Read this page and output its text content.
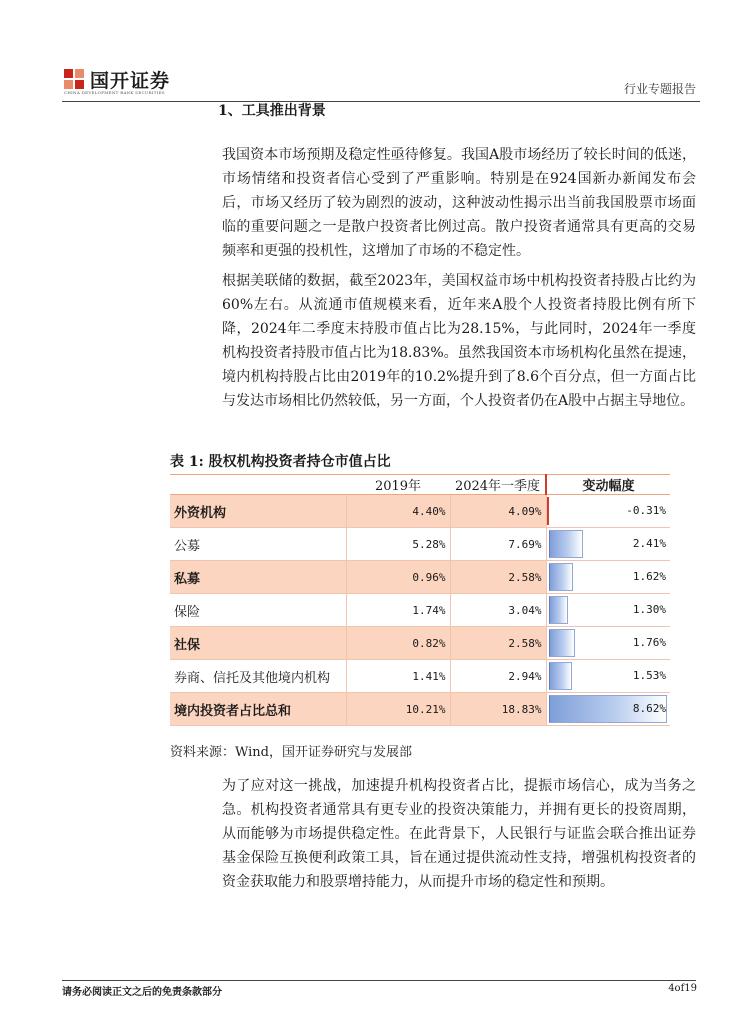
国开证券
CHINA DEVELOPMENT BANK SECURITIES	行业专题报告
1、工具推出背景
我国资本市场预期及稳定性亟待修复。我国A股市场经历了较长时间的低迷，市场情绪和投资者信心受到了严重影响。特别是在924国新办新闻发布会后，市场又经历了较为剧烈的波动，这种波动性揭示出当前我国股票市场面临的重要问题之一是散户投资者比例过高。散户投资者通常具有更高的交易频率和更强的投机性，这增加了市场的不稳定性。
根据美联储的数据，截至2023年，美国权益市场中机构投资者持股占比约为60%左右。从流通市值规模来看，近年来A股个人投资者持股比例有所下降，2024年二季度末持股市值占比为28.15%，与此同时，2024年一季度机构投资者持股市值占比为18.83%。虽然我国资本市场机构化虽然在提速，境内机构持股占比由2019年的10.2%提升到了8.6个百分点，但一方面占比与发达市场相比仍然较低，另一方面，个人投资者仍在A股中占据主导地位。
表 1: 股权机构投资者持仓市值占比
	2019年	2024年一季度	变动幅度
外资机构	4.40%	4.09%	-0.31%

公募	5.28%	7.69%	2.41%

私募	0.96%	2.58%	1.62%

保险	1.74%	3.04%	1.30%

社保	0.82%	2.58%	1.76%

券商、信托及其他境内机构	1.41%	2.94%	1.53%

境内投资者占比总和	10.21%	18.83%	8.62%
资料来源：Wind，国开证券研究与发展部
为了应对这一挑战，加速提升机构投资者占比，提振市场信心，成为当务之急。机构投资者通常具有更专业的投资决策能力，并拥有更长的投资周期，从而能够为市场提供稳定性。在此背景下，人民银行与证监会联合推出证券基金保险互换便利政策工具，旨在通过提供流动性支持，增强机构投资者的资金获取能力和股票增持能力，从而提升市场的稳定性和预期。
请务必阅读正文之后的免责条款部分	4of19
